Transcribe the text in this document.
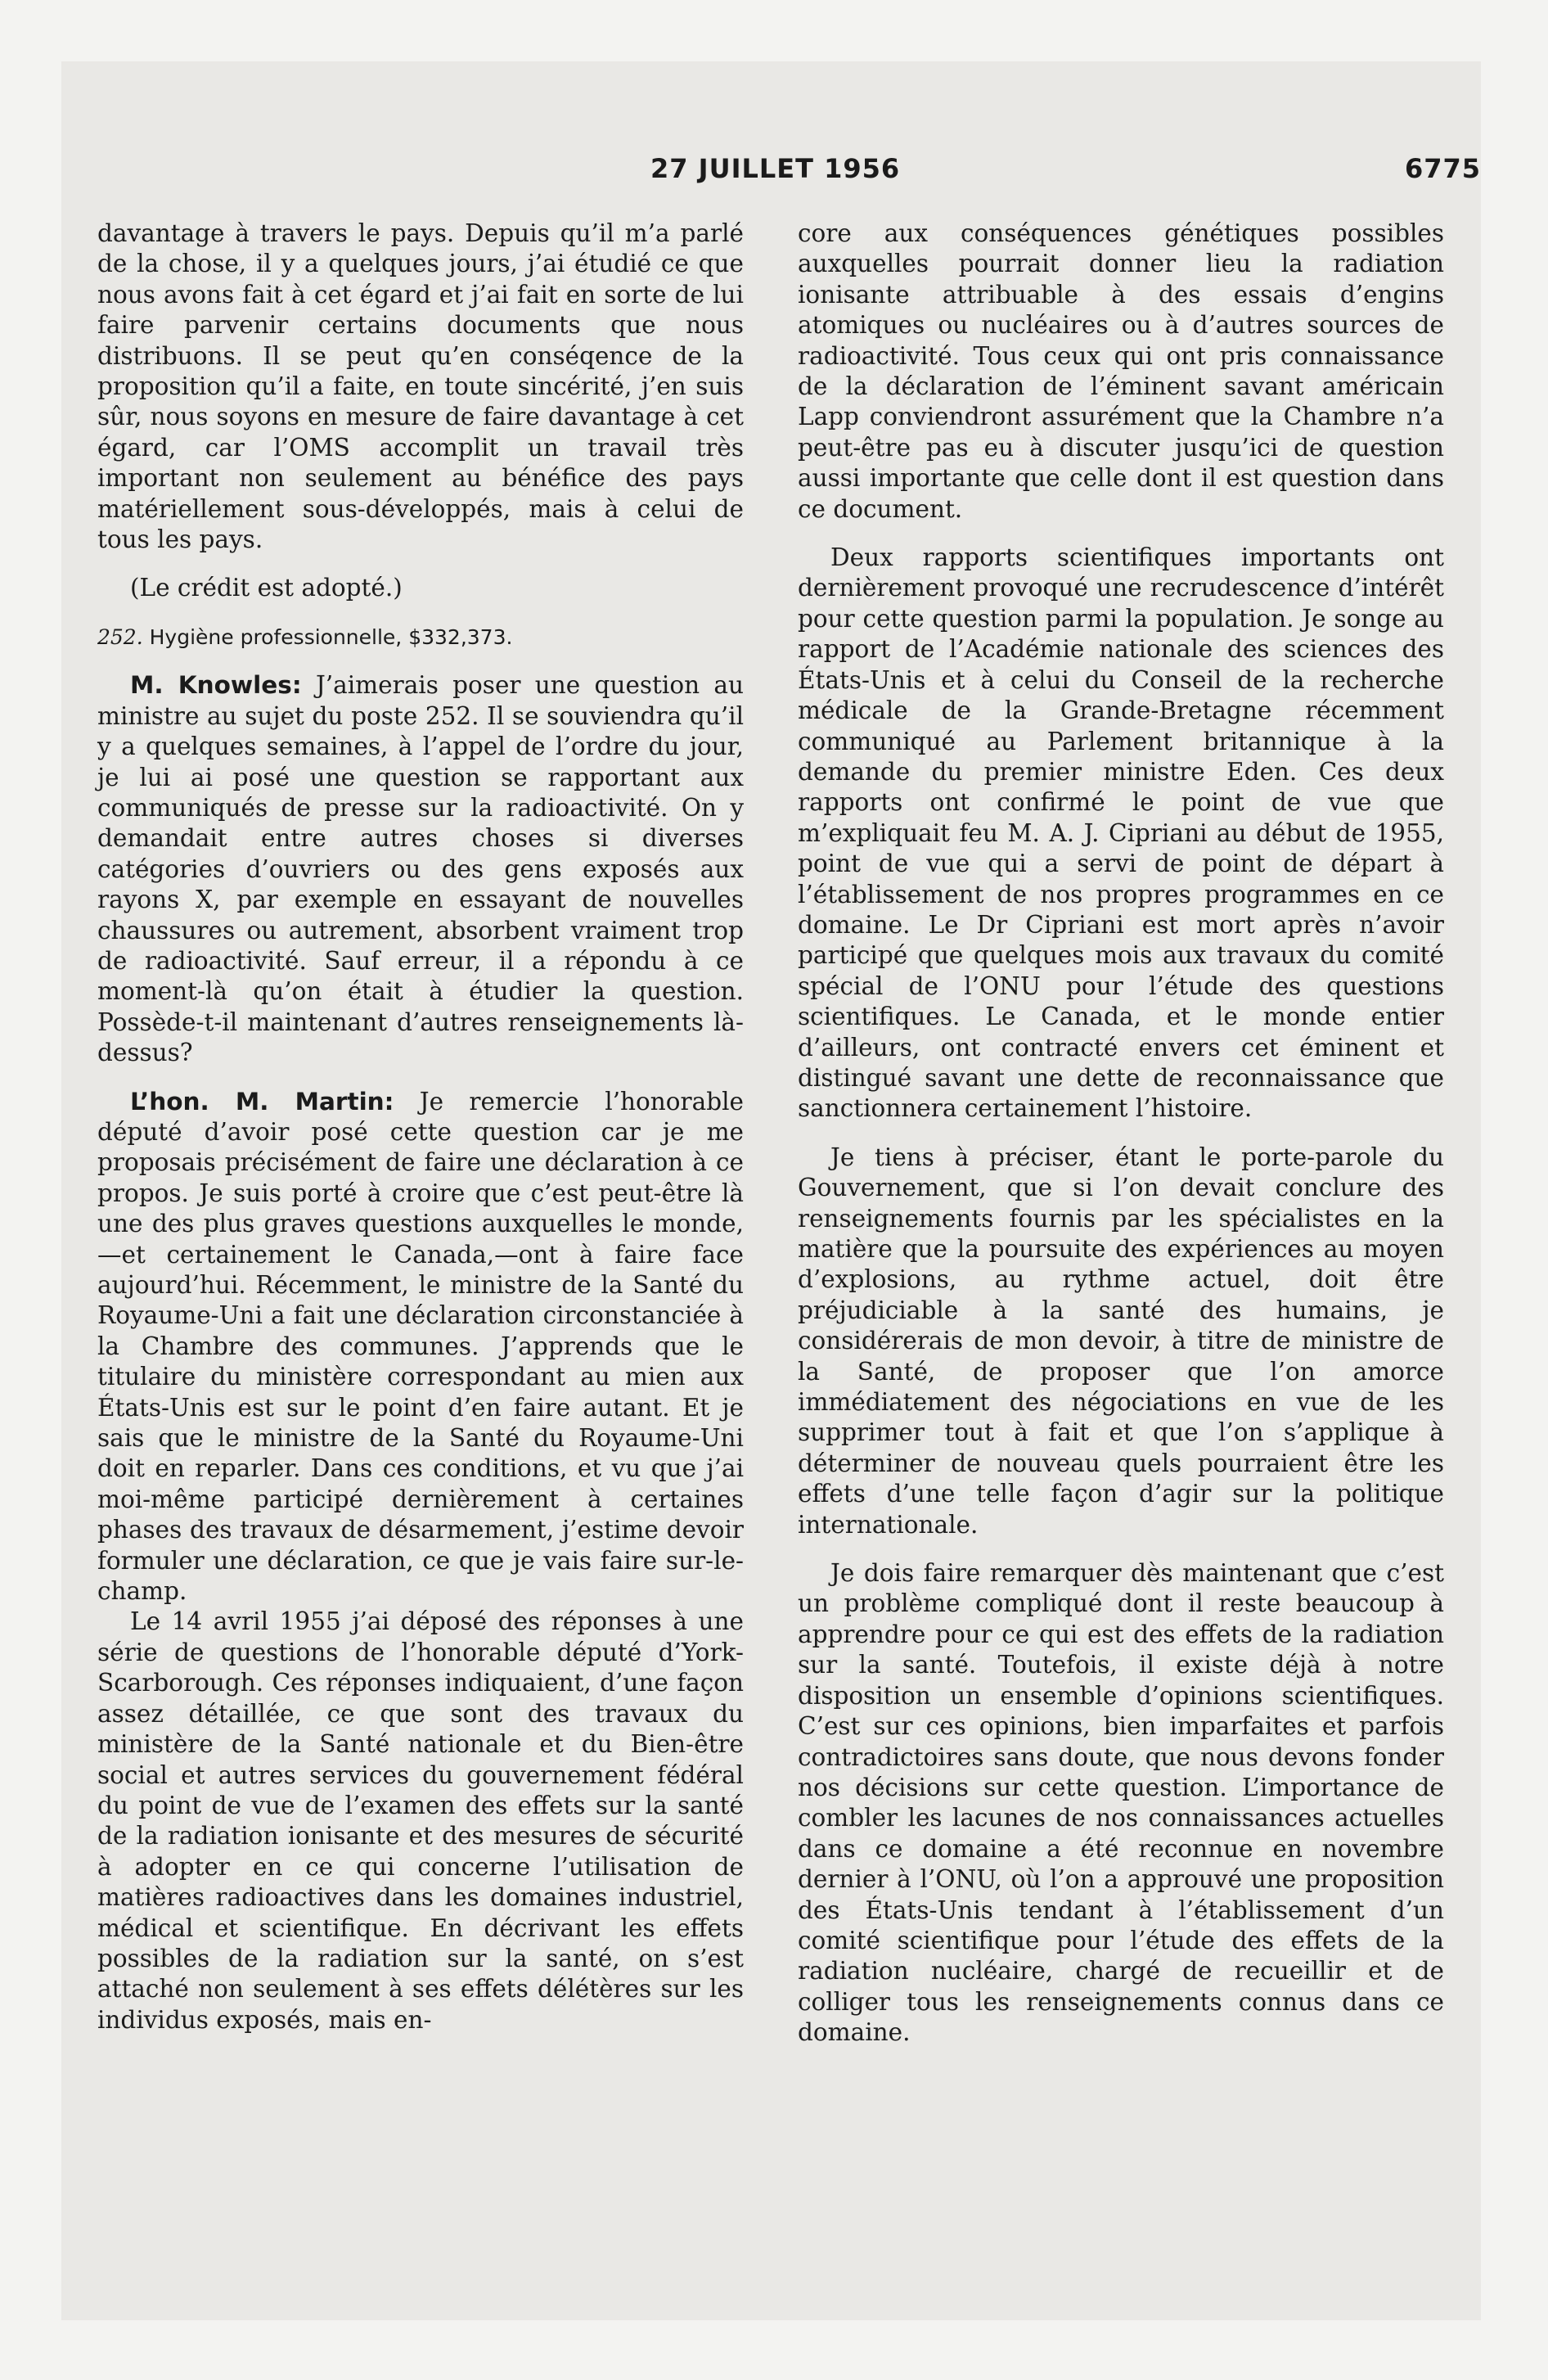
27 JUILLET 1956	6775

davantage à travers le pays. Depuis qu’il m’a parlé de la chose, il y a quelques jours, j’ai étudié ce que nous avons fait à cet égard et j’ai fait en sorte de lui faire parvenir certains documents que nous distribuons. Il se peut qu’en conséqence de la proposition qu’il a faite, en toute sincérité, j’en suis sûr, nous soyons en mesure de faire davantage à cet égard, car l’OMS accomplit un travail très important non seulement au bénéfice des pays matériellement sous-développés, mais à celui de tous les pays.

(Le crédit est adopté.)

252. Hygiène professionnelle, $332,373.

M. Knowles: J’aimerais poser une question au ministre au sujet du poste 252. Il se souviendra qu’il y a quelques semaines, à l’appel de l’ordre du jour, je lui ai posé une question se rapportant aux communiqués de presse sur la radioactivité. On y demandait entre autres choses si diverses catégories d’ouvriers ou des gens exposés aux rayons X, par exemple en essayant de nouvelles chaussures ou autrement, absorbent vraiment trop de radioactivité. Sauf erreur, il a répondu à ce moment-là qu’on était à étudier la question. Possède-t-il maintenant d’autres renseignements là-dessus?

L’hon. M. Martin: Je remercie l’honorable député d’avoir posé cette question car je me proposais précisément de faire une déclaration à ce propos. Je suis porté à croire que c’est peut-être là une des plus graves questions auxquelles le monde,—et certainement le Canada,—ont à faire face aujourd’hui. Récemment, le ministre de la Santé du Royaume-Uni a fait une déclaration circonstanciée à la Chambre des communes. J’apprends que le titulaire du ministère correspondant au mien aux États-Unis est sur le point d’en faire autant. Et je sais que le ministre de la Santé du Royaume-Uni doit en reparler. Dans ces conditions, et vu que j’ai moi-même participé dernièrement à certaines phases des travaux de désarmement, j’estime devoir formuler une déclaration, ce que je vais faire sur-le-champ.

Le 14 avril 1955 j’ai déposé des réponses à une série de questions de l’honorable député d’York-Scarborough. Ces réponses indiquaient, d’une façon assez détaillée, ce que sont des travaux du ministère de la Santé nationale et du Bien-être social et autres services du gouvernement fédéral du point de vue de l’examen des effets sur la santé de la radiation ionisante et des mesures de sécurité à adopter en ce qui concerne l’utilisation de matières radioactives dans les domaines industriel, médical et scientifique. En décrivant les effets possibles de la radiation sur la santé, on s’est attaché non seulement à ses effets délétères sur les individus exposés, mais en-

core aux conséquences génétiques possibles auxquelles pourrait donner lieu la radiation ionisante attribuable à des essais d’engins atomiques ou nucléaires ou à d’autres sources de radioactivité. Tous ceux qui ont pris connaissance de la déclaration de l’éminent savant américain Lapp conviendront assurément que la Chambre n’a peut-être pas eu à discuter jusqu’ici de question aussi importante que celle dont il est question dans ce document.

Deux rapports scientifiques importants ont dernièrement provoqué une recrudescence d’intérêt pour cette question parmi la population. Je songe au rapport de l’Académie nationale des sciences des États-Unis et à celui du Conseil de la recherche médicale de la Grande-Bretagne récemment communiqué au Parlement britannique à la demande du premier ministre Eden. Ces deux rapports ont confirmé le point de vue que m’expliquait feu M. A. J. Cipriani au début de 1955, point de vue qui a servi de point de départ à l’établissement de nos propres programmes en ce domaine. Le Dr Cipriani est mort après n’avoir participé que quelques mois aux travaux du comité spécial de l’ONU pour l’étude des questions scientifiques. Le Canada, et le monde entier d’ailleurs, ont contracté envers cet éminent et distingué savant une dette de reconnaissance que sanctionnera certainement l’histoire.

Je tiens à préciser, étant le porte-parole du Gouvernement, que si l’on devait conclure des renseignements fournis par les spécialistes en la matière que la poursuite des expériences au moyen d’explosions, au rythme actuel, doit être préjudiciable à la santé des humains, je considérerais de mon devoir, à titre de ministre de la Santé, de proposer que l’on amorce immédiatement des négociations en vue de les supprimer tout à fait et que l’on s’applique à déterminer de nouveau quels pourraient être les effets d’une telle façon d’agir sur la politique internationale.

Je dois faire remarquer dès maintenant que c’est un problème compliqué dont il reste beaucoup à apprendre pour ce qui est des effets de la radiation sur la santé. Toutefois, il existe déjà à notre disposition un ensemble d’opinions scientifiques. C’est sur ces opinions, bien imparfaites et parfois contradictoires sans doute, que nous devons fonder nos décisions sur cette question. L’importance de combler les lacunes de nos connaissances actuelles dans ce domaine a été reconnue en novembre dernier à l’ONU, où l’on a approuvé une proposition des États-Unis tendant à l’établissement d’un comité scientifique pour l’étude des effets de la radiation nucléaire, chargé de recueillir et de colliger tous les renseignements connus dans ce domaine.
